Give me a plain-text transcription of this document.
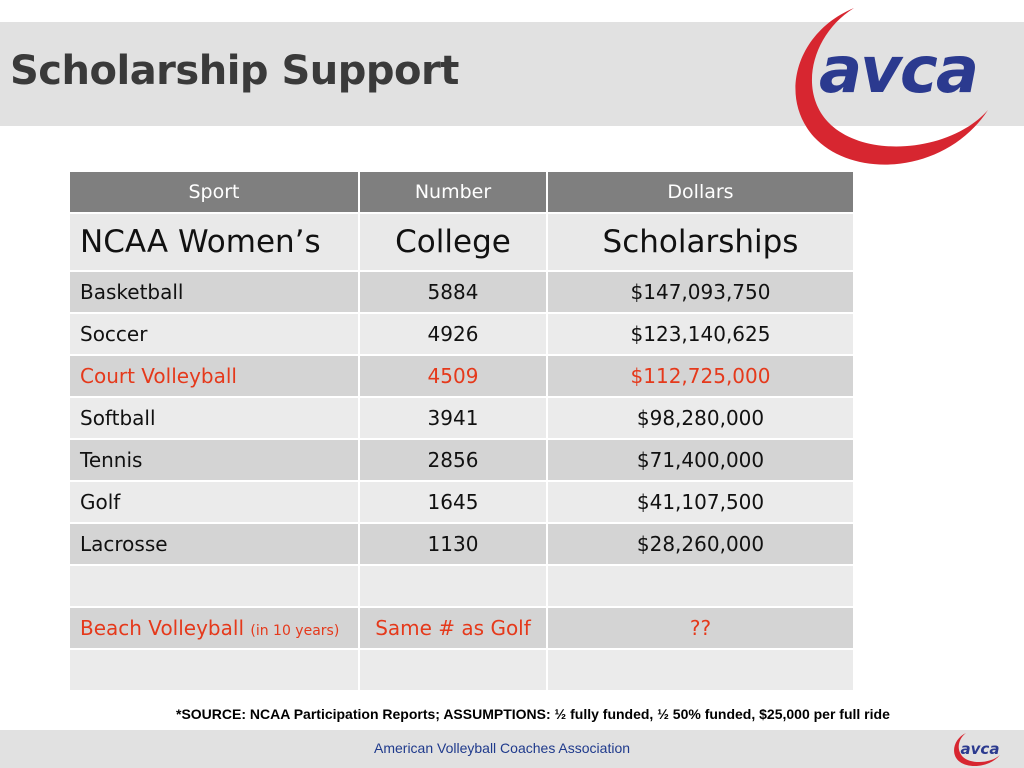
Scholarship Support	avca
Sport	Number	Dollars
NCAA Women’s	College	Scholarships
Basketball	5884	$147,093,750
Soccer	4926	$123,140,625
Court Volleyball	4509	$112,725,000
Softball	3941	$98,280,000
Tennis	2856	$71,400,000
Golf	1645	$41,107,500
Lacrosse	1130	$28,260,000

Beach Volleyball (in 10 years)	Same # as Golf	??

*SOURCE: NCAA Participation Reports; ASSUMPTIONS: ½ fully funded, ½ 50% funded, $25,000 per full ride
American Volleyball Coaches Association	avca
